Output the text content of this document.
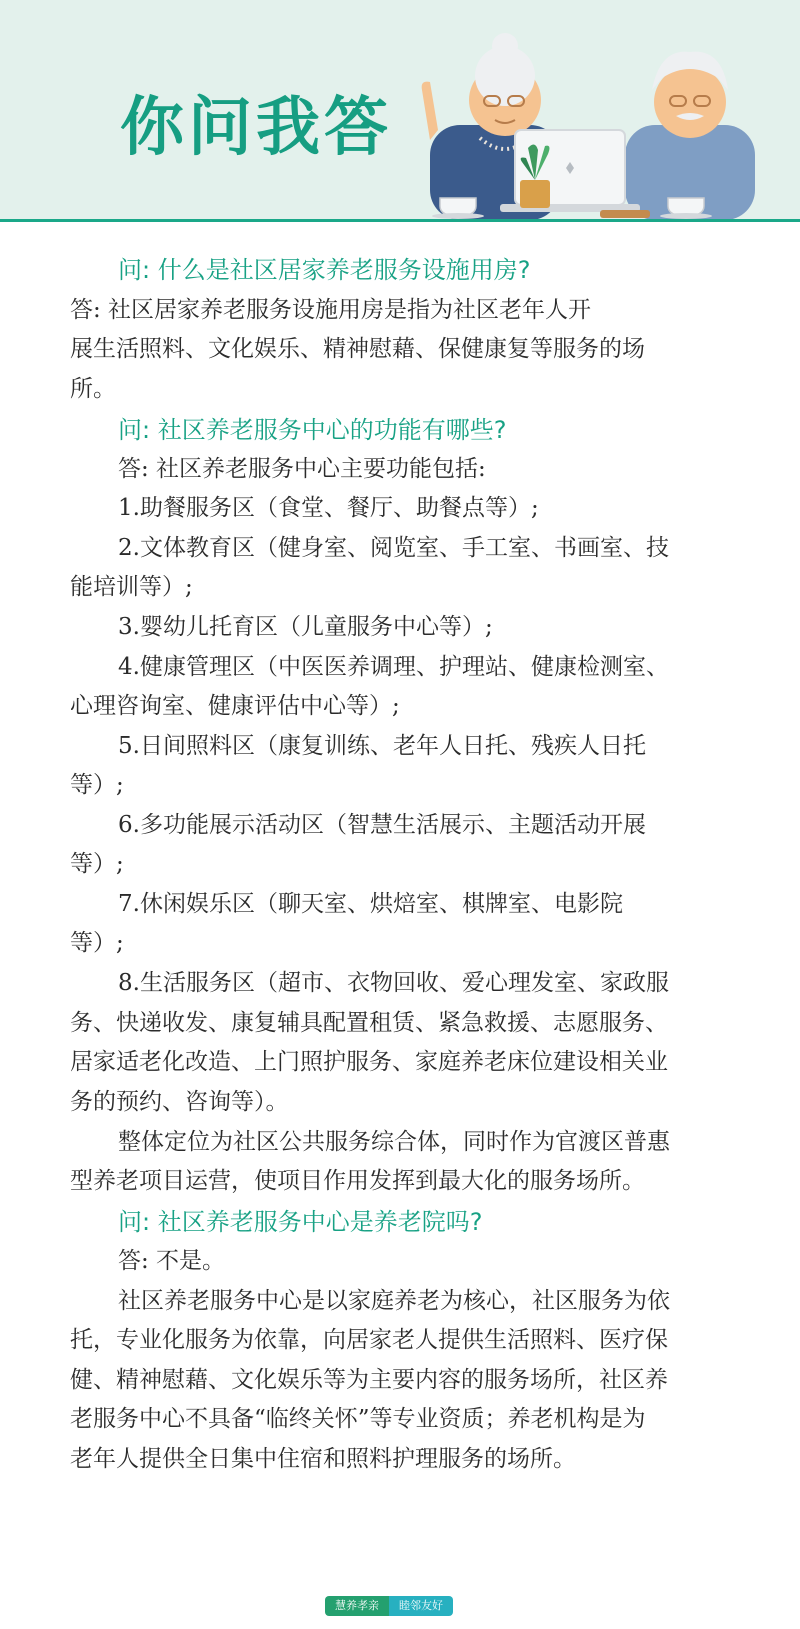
你问我答
问: 什么是社区居家养老服务设施用房?
答: 社区居家养老服务设施用房是指为社区老年人开
展生活照料、文化娱乐、精神慰藉、保健康复等服务的场
所。
问: 社区养老服务中心的功能有哪些?
答: 社区养老服务中心主要功能包括:
1.助餐服务区（食堂、餐厅、助餐点等）;
2.文体教育区（健身室、阅览室、手工室、书画室、技
能培训等）;
3.婴幼儿托育区（儿童服务中心等）;
4.健康管理区（中医医养调理、护理站、健康检测室、
心理咨询室、健康评估中心等）;
5.日间照料区（康复训练、老年人日托、残疾人日托
等）;
6.多功能展示活动区（智慧生活展示、主题活动开展
等）;
7.休闲娱乐区（聊天室、烘焙室、棋牌室、电影院
等）;
8.生活服务区（超市、衣物回收、爱心理发室、家政服
务、快递收发、康复辅具配置租赁、紧急救援、志愿服务、
居家适老化改造、上门照护服务、家庭养老床位建设相关业
务的预约、咨询等）。
整体定位为社区公共服务综合体，同时作为官渡区普惠
型养老项目运营，使项目作用发挥到最大化的服务场所。
问: 社区养老服务中心是养老院吗?
答: 不是。
社区养老服务中心是以家庭养老为核心，社区服务为依
托，专业化服务为依靠，向居家老人提供生活照料、医疗保
健、精神慰藉、文化娱乐等为主要内容的服务场所，社区养
老服务中心不具备“临终关怀”等专业资质；养老机构是为
老年人提供全日集中住宿和照料护理服务的场所。
慧养孝亲	睦邻友好
